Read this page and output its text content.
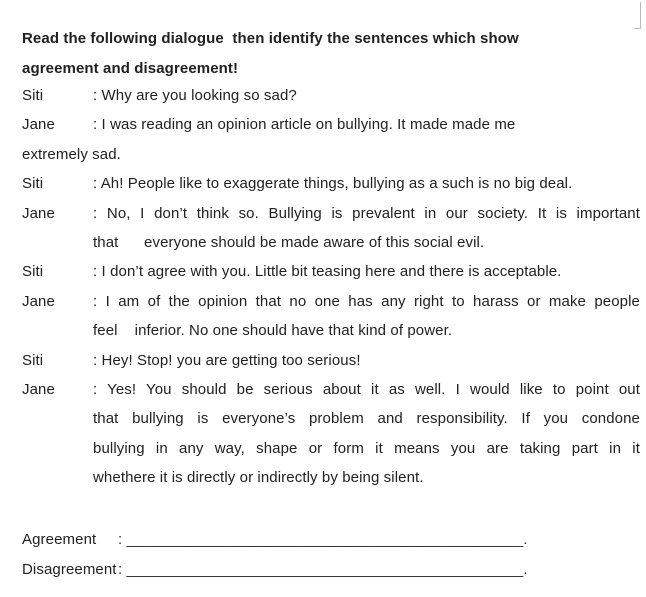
Read the following dialogue  then identify the sentences which show
agreement and disagreement!
Siti	: Why are you looking so sad?
Jane	: I was reading an opinion article on bullying. It made made me
extremely sad.
Siti	: Ah! People like to exaggerate things, bullying as a such is no big deal.
Jane	: No, I don’t think so. Bullying is prevalent in our society. It is important
that      everyone should be made aware of this social evil.
Siti	: I don’t agree with you. Little bit teasing here and there is acceptable.
Jane	: I am of the opinion that no one has any right to harass or make people
feel    inferior. No one should have that kind of power.
Siti	: Hey! Stop! you are getting too serious!
Jane	: Yes! You should be serious about it as well. I would like to point out
that bullying is everyone’s problem and responsibility. If you condone
bullying in any way, shape or form it means you are taking part in it
whethere it is directly or indirectly by being silent.
Agreement	: _______________________________________________.
Disagreement : _______________________________________________.
